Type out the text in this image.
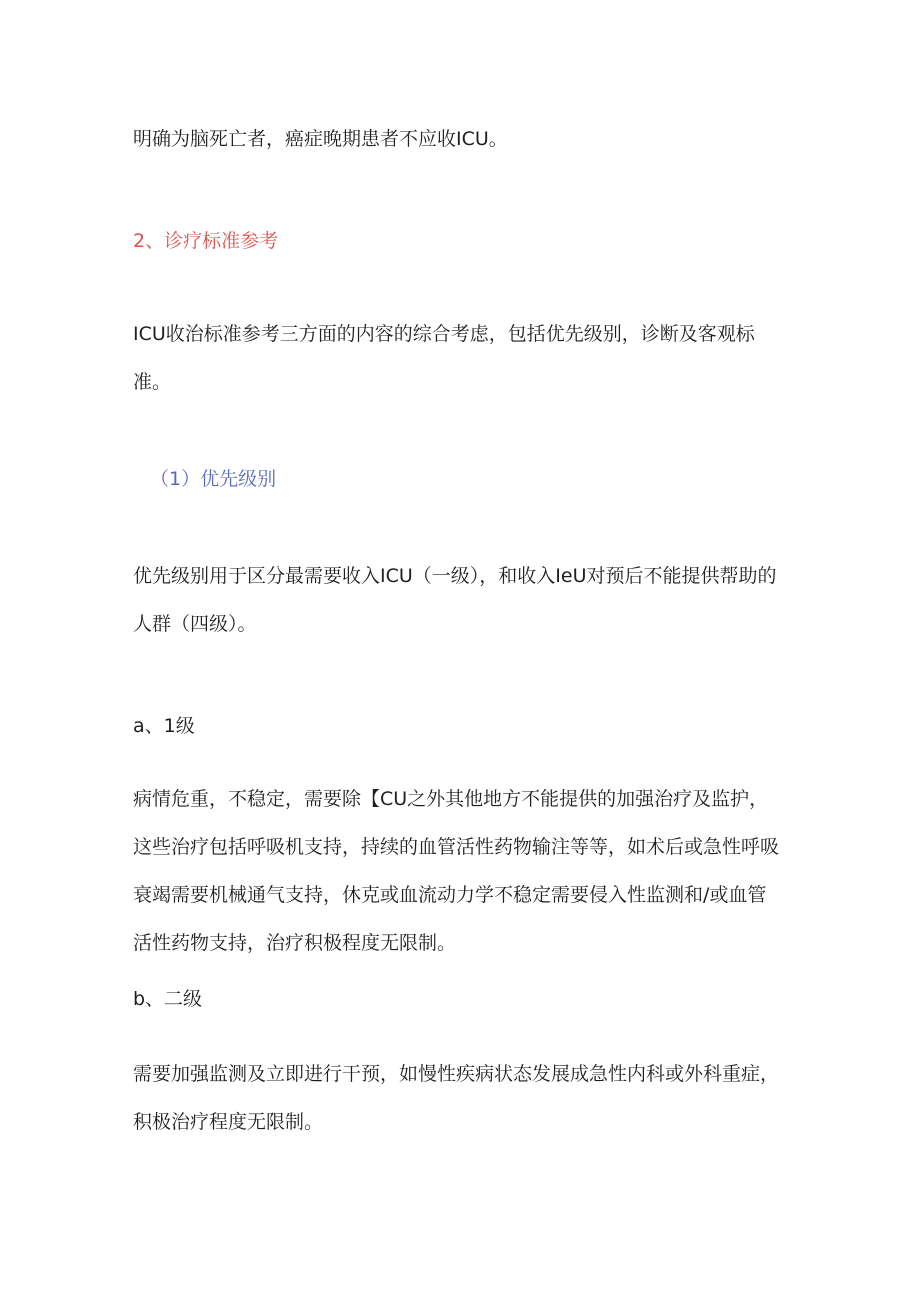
明确为脑死亡者，癌症晚期患者不应收ICU。

2、诊疗标准参考

ICU收治标准参考三方面的内容的综合考虑，包括优先级别，诊断及客观标准。

（1）优先级别

优先级别用于区分最需要收入ICU（一级），和收入IeU对预后不能提供帮助的人群（四级）。

a、1级

病情危重，不稳定，需要除【CU之外其他地方不能提供的加强治疗及监护，这些治疗包括呼吸机支持，持续的血管活性药物输注等等，如术后或急性呼吸衰竭需要机械通气支持，休克或血流动力学不稳定需要侵入性监测和/或血管活性药物支持，治疗积极程度无限制。

b、二级

需要加强监测及立即进行干预，如慢性疾病状态发展成急性内科或外科重症，积极治疗程度无限制。
